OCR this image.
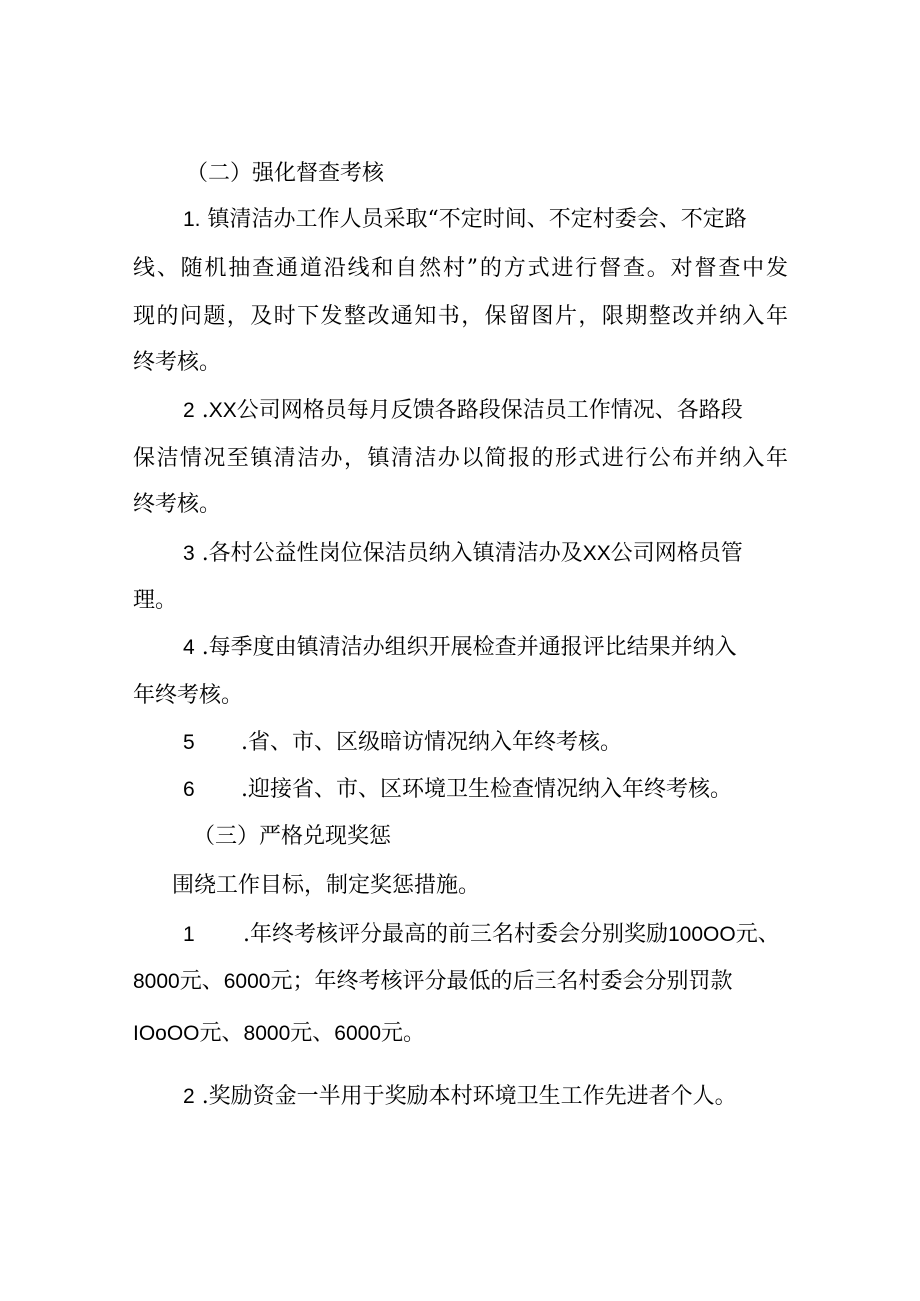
（二）强化督查考核
1. 镇清洁办工作人员采取“不定时间、不定村委会、不定路
线、随机抽查通道沿线和自然村”的方式进行督查。对督查中发
现的问题，及时下发整改通知书，保留图片，限期整改并纳入年
终考核。
2 .XX公司网格员每月反馈各路段保洁员工作情况、各路段
保洁情况至镇清洁办，镇清洁办以简报的形式进行公布并纳入年
终考核。
3 .各村公益性岗位保洁员纳入镇清洁办及XX公司网格员管
理。
4 .每季度由镇清洁办组织开展检查并通报评比结果并纳入
年终考核。
5 .省、市、区级暗访情况纳入年终考核。
6 .迎接省、市、区环境卫生检查情况纳入年终考核。
（三）严格兑现奖惩
围绕工作目标，制定奖惩措施。
1 .年终考核评分最高的前三名村委会分别奖励100OO元、
8000元、6000元；年终考核评分最低的后三名村委会分别罚款
IOoOO元、8000元、6000元。
2 .奖励资金一半用于奖励本村环境卫生工作先进者个人。
